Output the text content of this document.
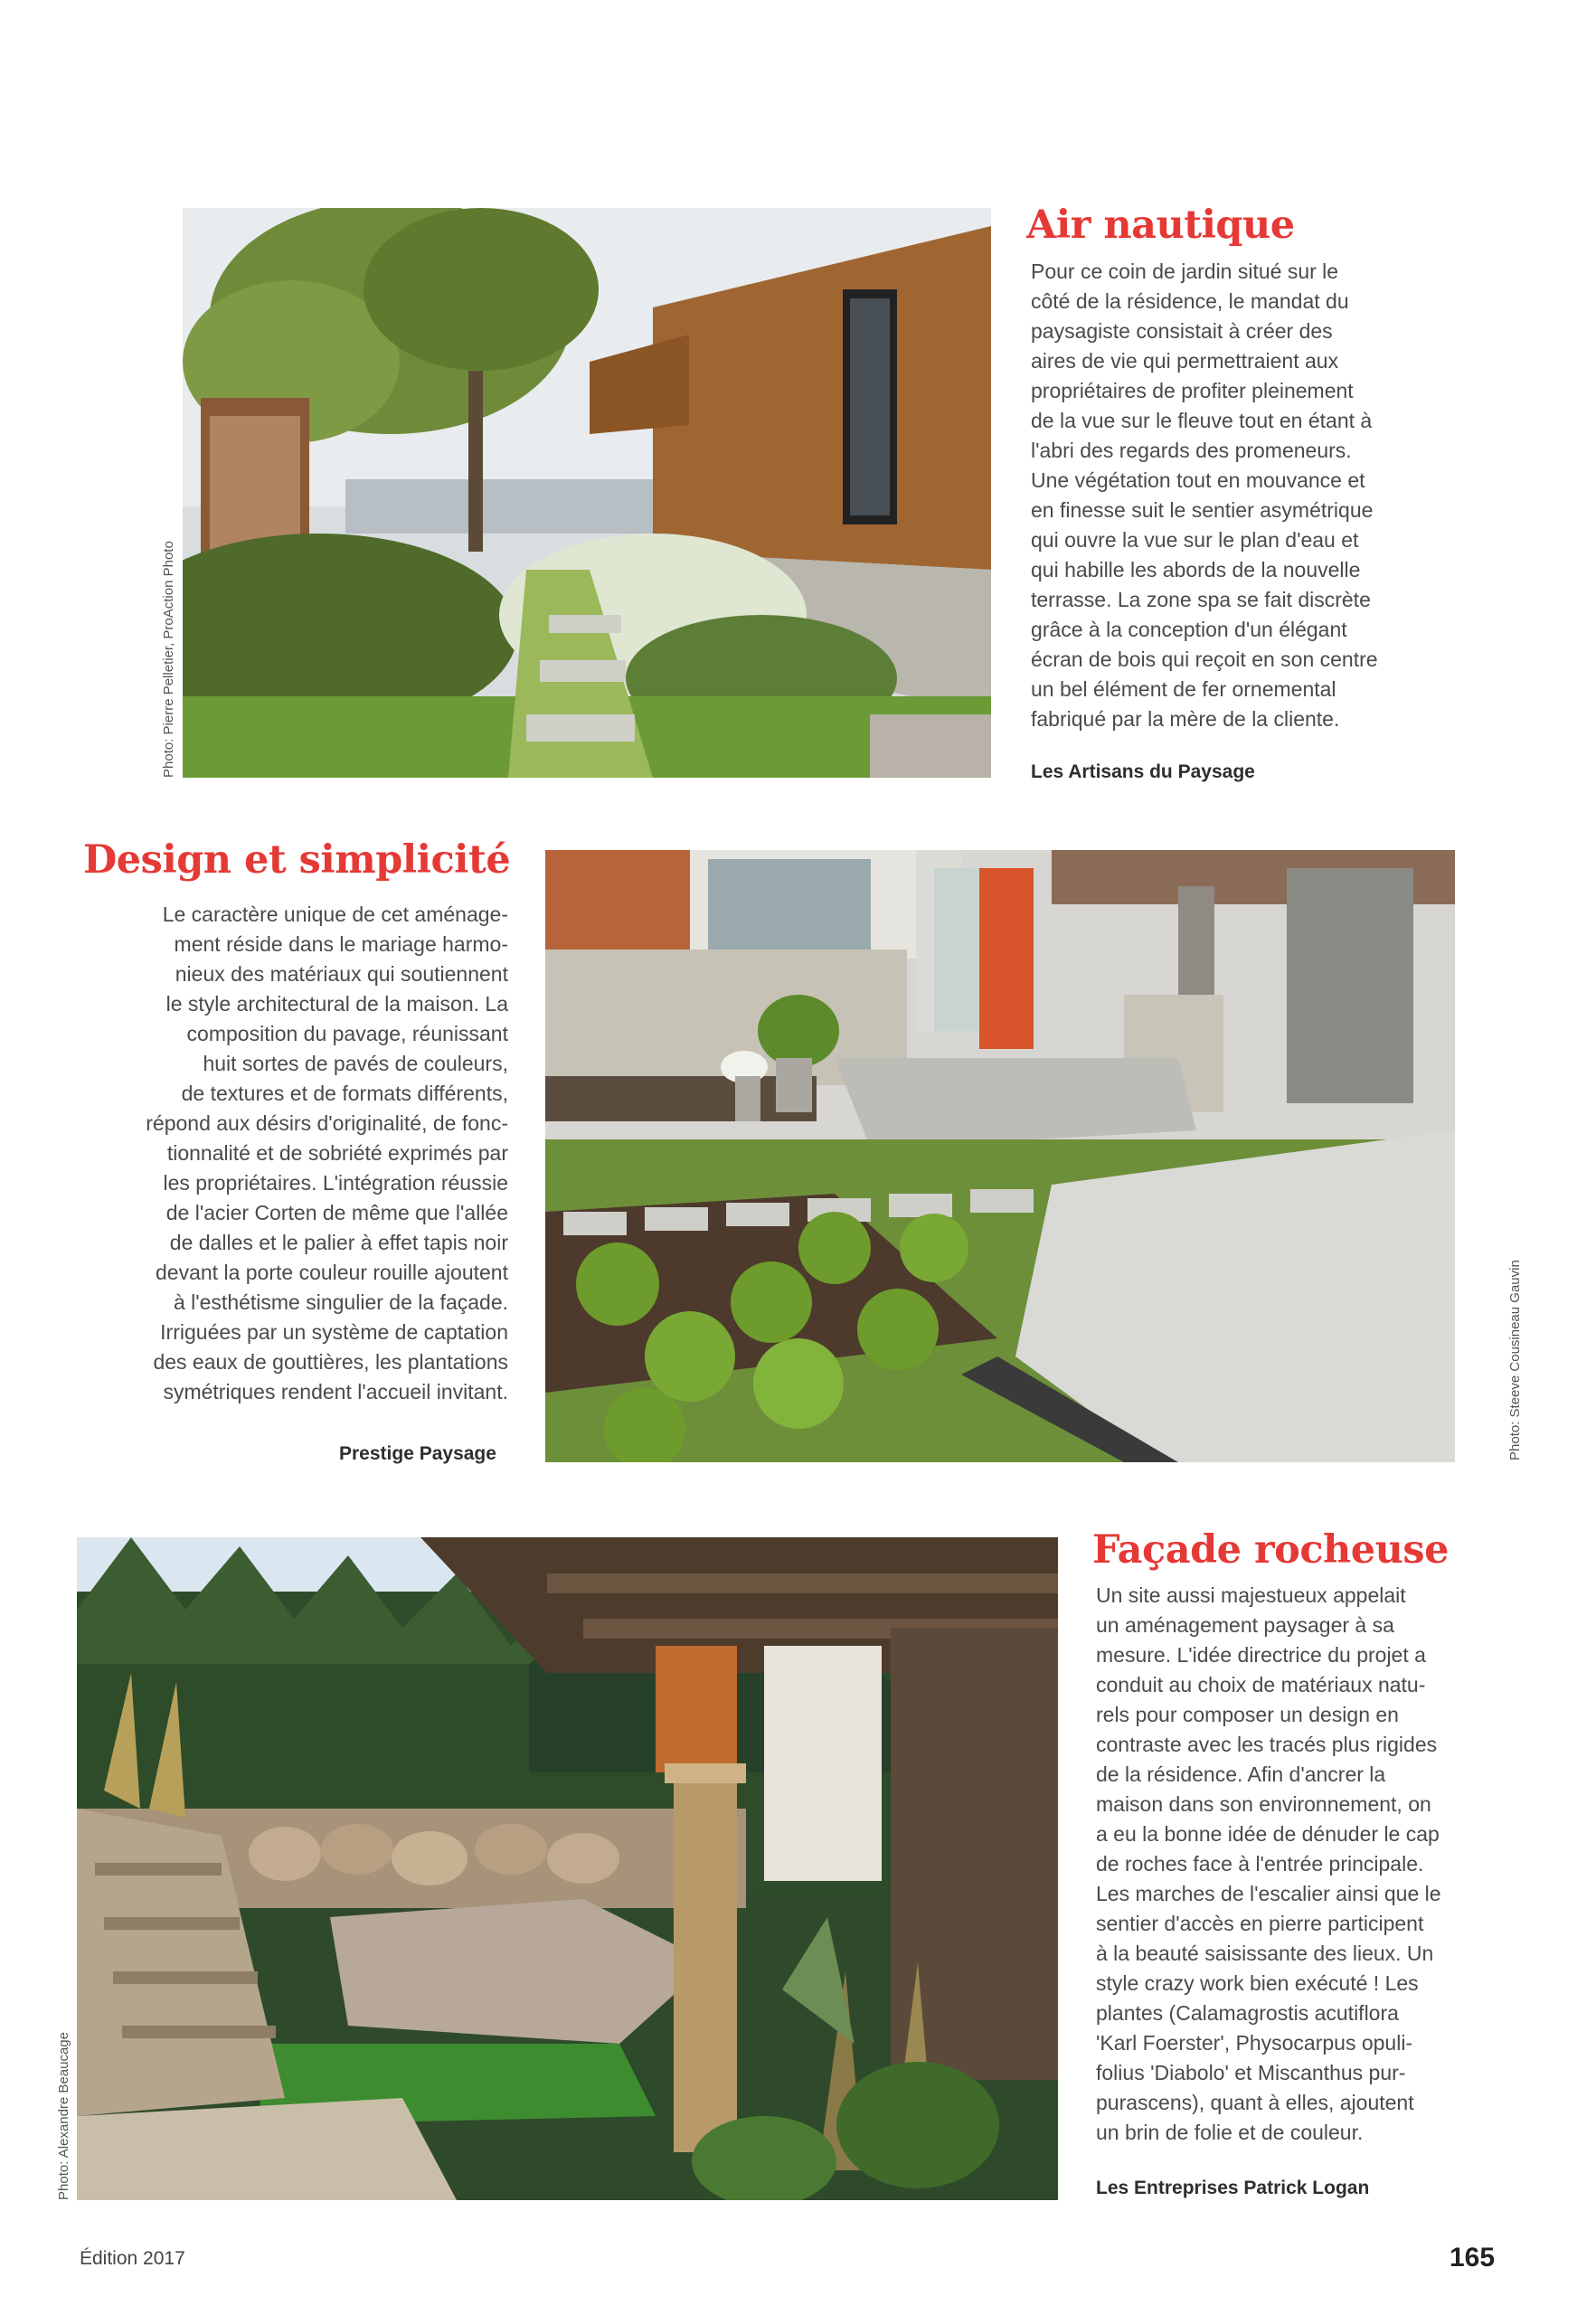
Photo: Pierre Pelletier, ProAction Photo
Air nautique
Pour ce coin de jardin situé sur le
côté de la résidence, le mandat du
paysagiste consistait à créer des
aires de vie qui permettraient aux
propriétaires de profiter pleinement
de la vue sur le fleuve tout en étant à
l'abri des regards des promeneurs.
Une végétation tout en mouvance et
en finesse suit le sentier asymétrique
qui ouvre la vue sur le plan d'eau et
qui habille les abords de la nouvelle
terrasse. La zone spa se fait discrète
grâce à la conception d'un élégant
écran de bois qui reçoit en son centre
un bel élément de fer ornemental
fabriqué par la mère de la cliente.
Les Artisans du Paysage
Design et simplicité
Le caractère unique de cet aménage-
ment réside dans le mariage harmo-
nieux des matériaux qui soutiennent
le style architectural de la maison. La
composition du pavage, réunissant
huit sortes de pavés de couleurs,
de textures et de formats différents,
répond aux désirs d'originalité, de fonc-
tionnalité et de sobriété exprimés par
les propriétaires. L'intégration réussie
de l'acier Corten de même que l'allée
de dalles et le palier à effet tapis noir
devant la porte couleur rouille ajoutent
à l'esthétisme singulier de la façade.
Irriguées par un système de captation
des eaux de gouttières, les plantations
symétriques rendent l'accueil invitant.
Prestige Paysage	Photo: Steeve Cousineau Gauvin
Photo: Alexandre Beaucage
Façade rocheuse
Un site aussi majestueux appelait
un aménagement paysager à sa
mesure. L'idée directrice du projet a
conduit au choix de matériaux natu-
rels pour composer un design en
contraste avec les tracés plus rigides
de la résidence. Afin d'ancrer la
maison dans son environnement, on
a eu la bonne idée de dénuder le cap
de roches face à l'entrée principale.
Les marches de l'escalier ainsi que le
sentier d'accès en pierre participent
à la beauté saisissante des lieux. Un
style crazy work bien exécuté ! Les
plantes (Calamagrostis acutiflora
'Karl Foerster', Physocarpus opuli-
folius 'Diabolo' et Miscanthus pur-
purascens), quant à elles, ajoutent
un brin de folie et de couleur.
Les Entreprises Patrick Logan
Édition 2017	165
